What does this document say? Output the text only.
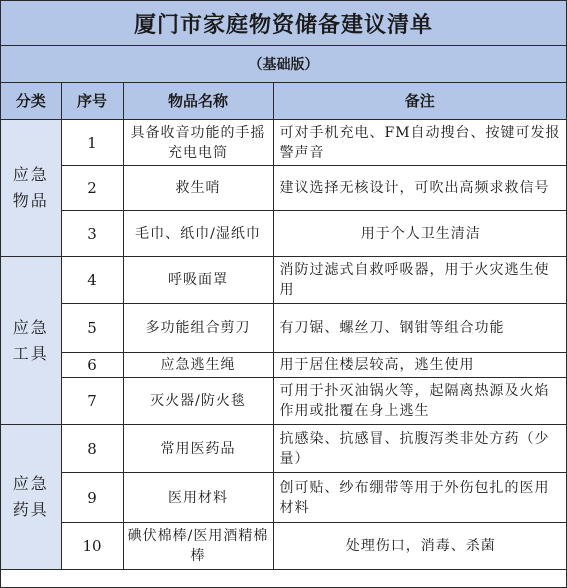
厦门市家庭物资储备建议清单
（基础版）
分类	序号	物品名称	备注

应急物品	1	具备收音功能的手摇充电电筒	可对手机充电、FM自动搜台、按键可发报警声音
	2	救生哨	建议选择无核设计，可吹出高频求救信号
	3	毛巾、纸巾/湿纸巾	用于个人卫生清洁

应急工具	4	呼吸面罩	消防过滤式自救呼吸器，用于火灾逃生使用
	5	多功能组合剪刀	有刀锯、螺丝刀、钢钳等组合功能
	6	应急逃生绳	用于居住楼层较高，逃生使用
	7	灭火器/防火毯	可用于扑灭油锅火等，起隔离热源及火焰作用或批覆在身上逃生

应急药具	8	常用医药品	抗感染、抗感冒、抗腹泻类非处方药（少量）
	9	医用材料	创可贴、纱布绷带等用于外伤包扎的医用材料
	10	碘伏棉棒/医用酒精棉棒	处理伤口，消毒、杀菌
